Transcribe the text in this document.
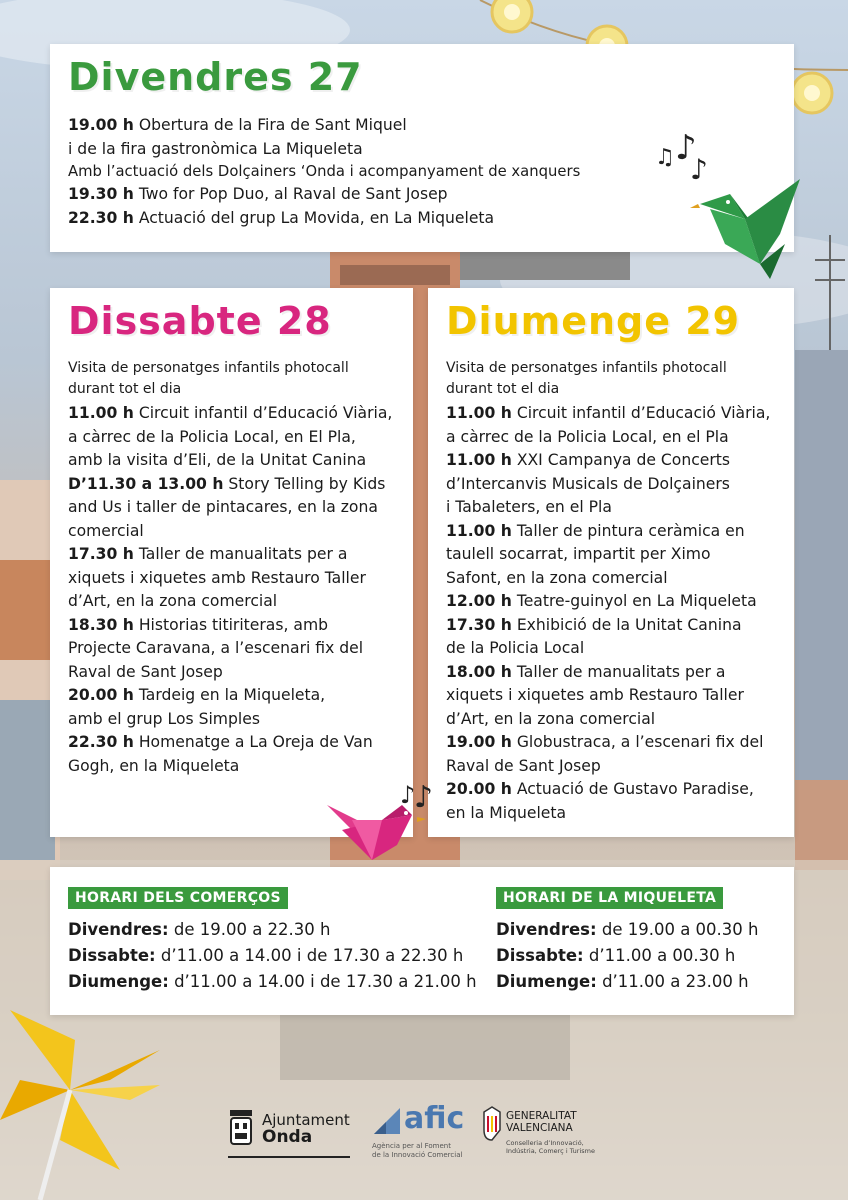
Divendres 27
19.00 h Obertura de la Fira de Sant Miquel
i de la fira gastronòmica La Miqueleta
Amb l’actuació dels Dolçainers ‘Onda i acompanyament de xanquers
19.30 h Two for Pop Duo, al Raval de Sant Josep
22.30 h Actuació del grup La Movida, en La Miqueleta
♫ ♪
♪
Dissabte 28
Visita de personatges infantils photocall
durant tot el dia
11.00 h Circuit infantil d’Educació Viària,
a càrrec de la Policia Local, en El Pla,
amb la visita d’Eli, de la Unitat Canina
D’11.30 a 13.00 h Story Telling by Kids
and Us i taller de pintacares, en la zona
comercial
17.30 h Taller de manualitats per a
xiquets i xiquetes amb Restauro Taller
d’Art, en la zona comercial
18.30 h Historias titiriteras, amb
Projecte Caravana, a l’escenari fix del
Raval de Sant Josep
20.00 h Tardeig en la Miqueleta,
amb el grup Los Simples
22.30 h Homenatge a La Oreja de Van
Gogh, en la Miqueleta
Diumenge 29
Visita de personatges infantils photocall
durant tot el dia
11.00 h Circuit infantil d’Educació Viària,
a càrrec de la Policia Local, en el Pla
11.00 h XXI Campanya de Concerts
d’Intercanvis Musicals de Dolçainers
i Tabaleters, en el Pla
11.00 h Taller de pintura ceràmica en
taulell socarrat, impartit per Ximo
Safont, en la zona comercial
12.00 h Teatre-guinyol en La Miqueleta
17.30 h Exhibició de la Unitat Canina
de la Policia Local
18.00 h Taller de manualitats per a
xiquets i xiquetes amb Restauro Taller
d’Art, en la zona comercial
19.00 h Globustraca, a l’escenari fix del
Raval de Sant Josep
20.00 h Actuació de Gustavo Paradise,
en la Miqueleta
♪
♪
HORARI DELS COMERÇOS
Divendres: de 19.00 a 22.30 h
Dissabte: d’11.00 a 14.00 i de 17.30 a 22.30 h
Diumenge: d’11.00 a 14.00 i de 17.30 a 21.00 h
HORARI DE LA MIQUELETA
Divendres: de 19.00 a 00.30 h
Dissabte: d’11.00 a 00.30 h
Diumenge: d’11.00 a 23.00 h
Ajuntament
Onda
afic
Agència per al Foment
de la Innovació Comercial
GENERALITAT
VALENCIANA
Conselleria d’Innovació,
Indústria, Comerç i Turisme
